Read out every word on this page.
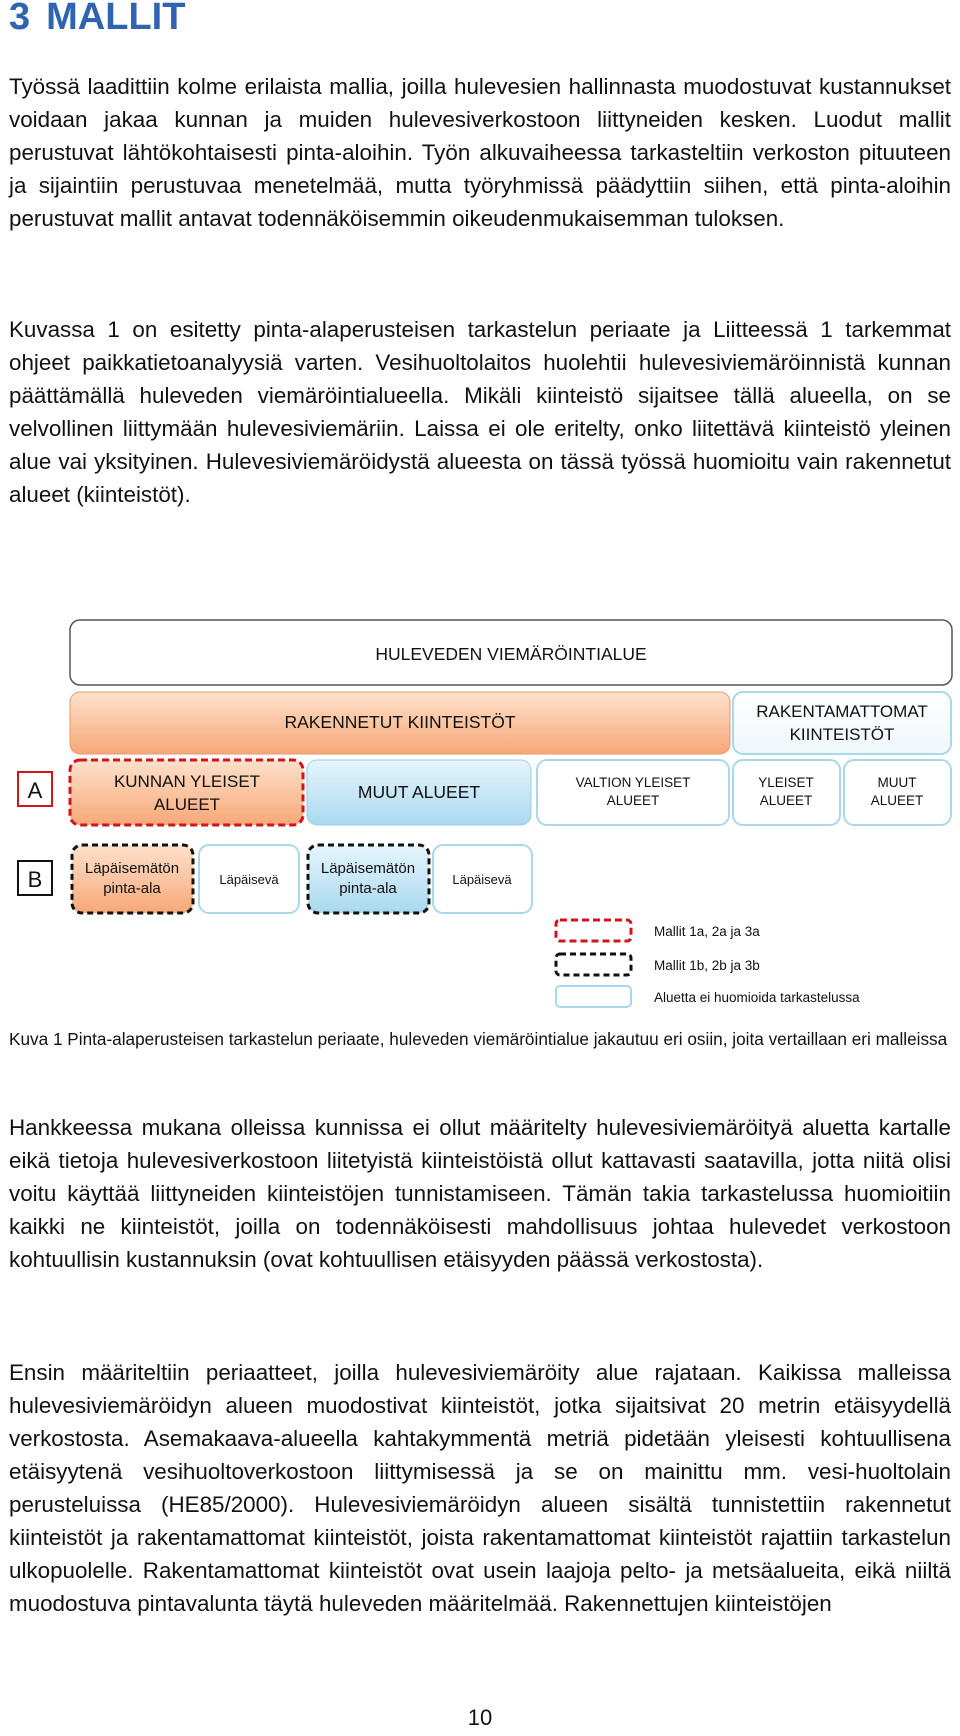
3 MALLIT

Työssä laadittiin kolme erilaista mallia, joilla hulevesien hallinnasta muodostuvat kustannukset voidaan jakaa kunnan ja muiden hulevesiverkostoon liittyneiden kesken. Luodut mallit perustuvat lähtökohtaisesti pinta-aloihin. Työn alkuvaiheessa tarkasteltiin verkoston pituuteen ja sijaintiin perustuvaa menetelmää, mutta työryhmissä päädyttiin siihen, että pinta-aloihin perustuvat mallit antavat todennäköisemmin oikeudenmukaisemman tuloksen.

Kuvassa 1 on esitetty pinta-alaperusteisen tarkastelun periaate ja Liitteessä 1 tarkemmat ohjeet paikkatietoanalyysiä varten. Vesihuoltolaitos huolehtii hulevesiviemäröinnistä kunnan päättämällä huleveden viemäröintialueella. Mikäli kiinteistö sijaitsee tällä alueella, on se velvollinen liittymään hulevesiviemäriin. Laissa ei ole eritelty, onko liitettävä kiinteistö yleinen alue vai yksityinen. Hulevesiviemäröidystä alueesta on tässä työssä huomioitu vain rakennetut alueet (kiinteistöt).

HULEVEDEN VIEMÄRÖINTIALUE
RAKENNETUT KIINTEISTÖT
RAKENTAMATTOMAT
KIINTEISTÖT
A	KUNNAN YLEISET
ALUEET
MUUT ALUEET	VALTION YLEISET
ALUEET
YLEISET
ALUEET
MUUT
ALUEET
B	Läpäisemätön
pinta-ala
Läpäisevä
Läpäisemätön
pinta-ala
Läpäisevä
Mallit 1a, 2a ja 3a
Mallit 1b, 2b ja 3b
Aluetta ei huomioida tarkastelussa

Kuva 1 Pinta-alaperusteisen tarkastelun periaate, huleveden viemäröintialue jakautuu eri osiin, joita vertaillaan eri malleissa

Hankkeessa mukana olleissa kunnissa ei ollut määritelty hulevesiviemäröityä aluetta kartalle eikä tietoja hulevesiverkostoon liitetyistä kiinteistöistä ollut kattavasti saatavilla, jotta niitä olisi voitu käyttää liittyneiden kiinteistöjen tunnistamiseen. Tämän takia tarkastelussa huomioitiin kaikki ne kiinteistöt, joilla on todennäköisesti mahdollisuus johtaa hulevedet verkostoon kohtuullisin kustannuksin (ovat kohtuullisen etäisyyden päässä verkostosta).

Ensin määriteltiin periaatteet, joilla hulevesiviemäröity alue rajataan. Kaikissa malleissa hulevesiviemäröidyn alueen muodostivat kiinteistöt, jotka sijaitsivat 20 metrin etäisyydellä verkostosta. Asemakaava-alueella kahtakymmentä metriä pidetään yleisesti kohtuullisena etäisyytenä vesihuoltoverkostoon liittymisessä ja se on mainittu mm. vesi-huoltolain perusteluissa (HE85/2000). Hulevesiviemäröidyn alueen sisältä tunnistettiin rakennetut kiinteistöt ja rakentamattomat kiinteistöt, joista rakentamattomat kiinteistöt rajattiin tarkastelun ulkopuolelle. Rakentamattomat kiinteistöt ovat usein laajoja pelto- ja metsäalueita, eikä niiltä muodostuva pintavalunta täytä huleveden määritelmää. Rakennettujen kiinteistöjen

10
